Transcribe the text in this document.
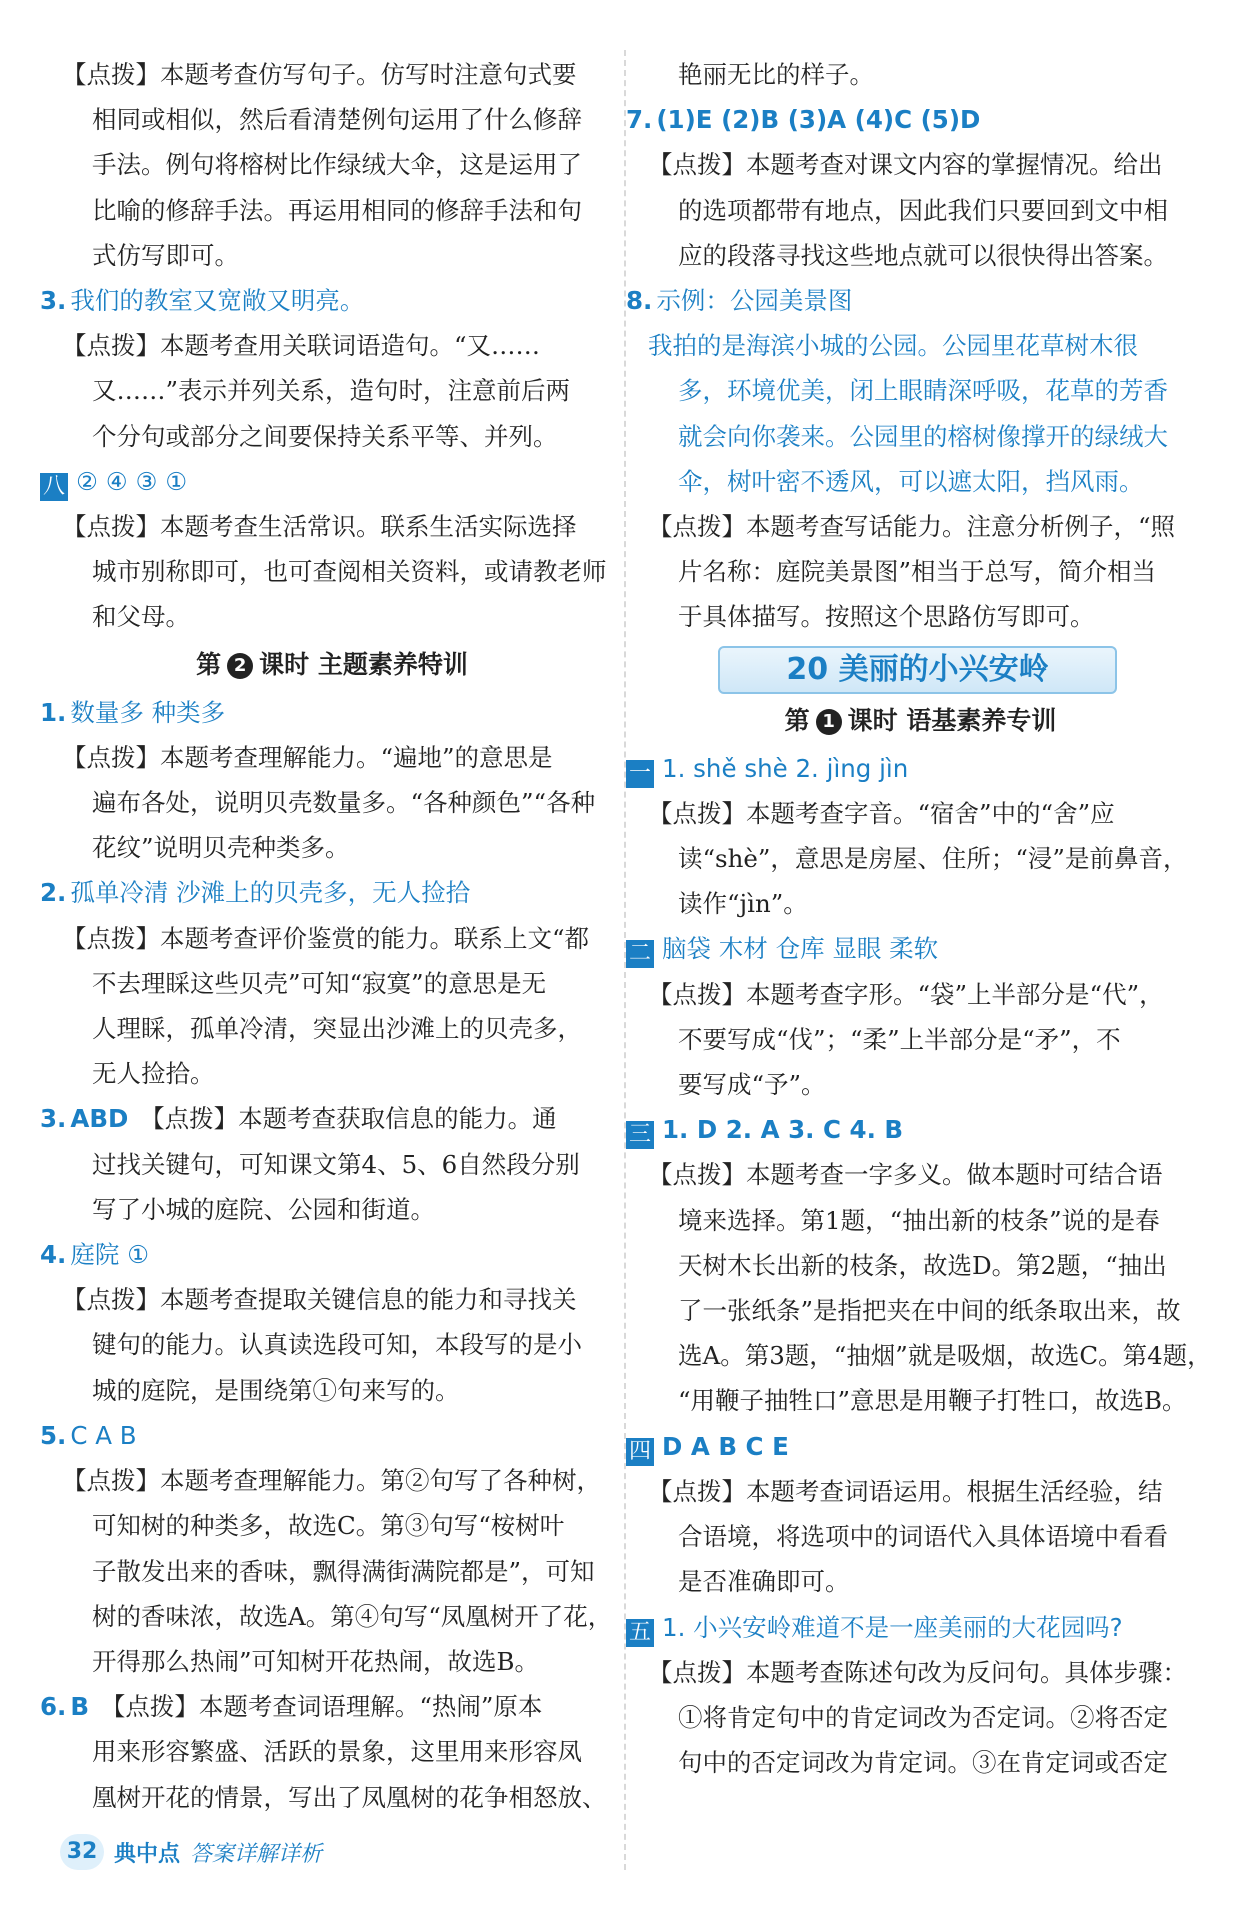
【点拨】本题考查仿写句子。仿写时注意句式要
相同或相似，然后看清楚例句运用了什么修辞
手法。例句将榕树比作绿绒大伞，这是运用了
比喻的修辞手法。再运用相同的修辞手法和句
式仿写即可。
3. 我们的教室又宽敞又明亮。
【点拨】本题考查用关联词语造句。“又……
又……”表示并列关系，造句时，注意前后两
个分句或部分之间要保持关系平等、并列。
八 ② ④ ③ ①
【点拨】本题考查生活常识。联系生活实际选择
城市别称即可，也可查阅相关资料，或请教老师
和父母。
第 2 课时 主题素养特训
1. 数量多 种类多
【点拨】本题考查理解能力。“遍地”的意思是
遍布各处，说明贝壳数量多。“各种颜色”“各种
花纹”说明贝壳种类多。
2. 孤单冷清 沙滩上的贝壳多，无人捡拾
【点拨】本题考查评价鉴赏的能力。联系上文“都
不去理睬这些贝壳”可知“寂寞”的意思是无
人理睬，孤单冷清，突显出沙滩上的贝壳多，
无人捡拾。
3. ABD 【点拨】本题考查获取信息的能力。通
过找关键句，可知课文第4、5、6自然段分别
写了小城的庭院、公园和街道。
4. 庭院 ①
【点拨】本题考查提取关键信息的能力和寻找关
键句的能力。认真读选段可知，本段写的是小
城的庭院，是围绕第①句来写的。
5. C A B
【点拨】本题考查理解能力。第②句写了各种树，
可知树的种类多，故选C。第③句写“桉树叶
子散发出来的香味，飘得满街满院都是”，可知
树的香味浓，故选A。第④句写“凤凰树开了花，
开得那么热闹”可知树开花热闹，故选B。
6. B 【点拨】本题考查词语理解。“热闹”原本
用来形容繁盛、活跃的景象，这里用来形容凤
凰树开花的情景，写出了凤凰树的花争相怒放、
艳丽无比的样子。
7. (1)E (2)B (3)A (4)C (5)D
【点拨】本题考查对课文内容的掌握情况。给出
的选项都带有地点，因此我们只要回到文中相
应的段落寻找这些地点就可以很快得出答案。
8. 示例：公园美景图
我拍的是海滨小城的公园。公园里花草树木很
多，环境优美，闭上眼睛深呼吸，花草的芳香
就会向你袭来。公园里的榕树像撑开的绿绒大
伞，树叶密不透风，可以遮太阳，挡风雨。
【点拨】本题考查写话能力。注意分析例子，“照
片名称：庭院美景图”相当于总写，简介相当
于具体描写。按照这个思路仿写即可。
20 美丽的小兴安岭
第 1 课时 语基素养专训
一 1. shě shè 2. jìng jìn
【点拨】本题考查字音。“宿舍”中的“舍”应
读“shè”，意思是房屋、住所；“浸”是前鼻音，
读作“jìn”。
二 脑袋 木材 仓库 显眼 柔软
【点拨】本题考查字形。“袋”上半部分是“代”，
不要写成“伐”；“柔”上半部分是“矛”，不
要写成“予”。
三 1. D 2. A 3. C 4. B
【点拨】本题考查一字多义。做本题时可结合语
境来选择。第1题，“抽出新的枝条”说的是春
天树木长出新的枝条，故选D。第2题，“抽出
了一张纸条”是指把夹在中间的纸条取出来，故
选A。第3题，“抽烟”就是吸烟，故选C。第4题，
“用鞭子抽牲口”意思是用鞭子打牲口，故选B。
四 D A B C E
【点拨】本题考查词语运用。根据生活经验，结
合语境，将选项中的词语代入具体语境中看看
是否准确即可。
五 1. 小兴安岭难道不是一座美丽的大花园吗?
【点拨】本题考查陈述句改为反问句。具体步骤：
①将肯定句中的肯定词改为否定词。②将否定
句中的否定词改为肯定词。③在肯定词或否定
32 典中点 答案详解详析
